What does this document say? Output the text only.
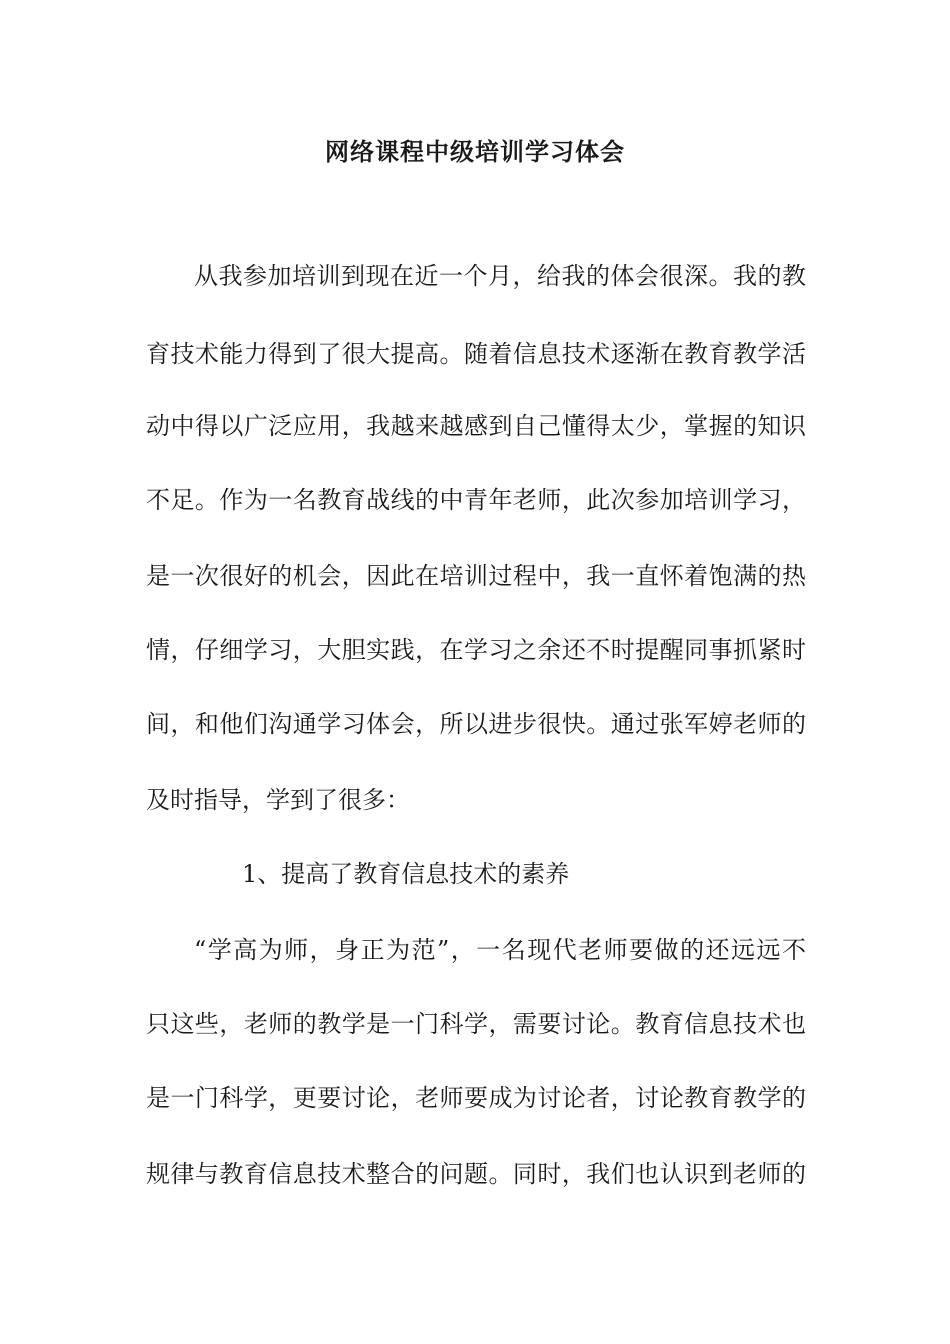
网络课程中级培训学习体会
从我参加培训到现在近一个月，给我的体会很深。我的教
育技术能力得到了很大提高。随着信息技术逐渐在教育教学活
动中得以广泛应用，我越来越感到自己懂得太少，掌握的知识
不足。作为一名教育战线的中青年老师，此次参加培训学习，
是一次很好的机会，因此在培训过程中，我一直怀着饱满的热
情，仔细学习，大胆实践，在学习之余还不时提醒同事抓紧时
间，和他们沟通学习体会，所以进步很快。通过张军婷老师的
及时指导，学到了很多：
1、提高了教育信息技术的素养
“学高为师，身正为范”，一名现代老师要做的还远远不
只这些，老师的教学是一门科学，需要讨论。教育信息技术也
是一门科学，更要讨论，老师要成为讨论者，讨论教育教学的
规律与教育信息技术整合的问题。同时，我们也认识到老师的
